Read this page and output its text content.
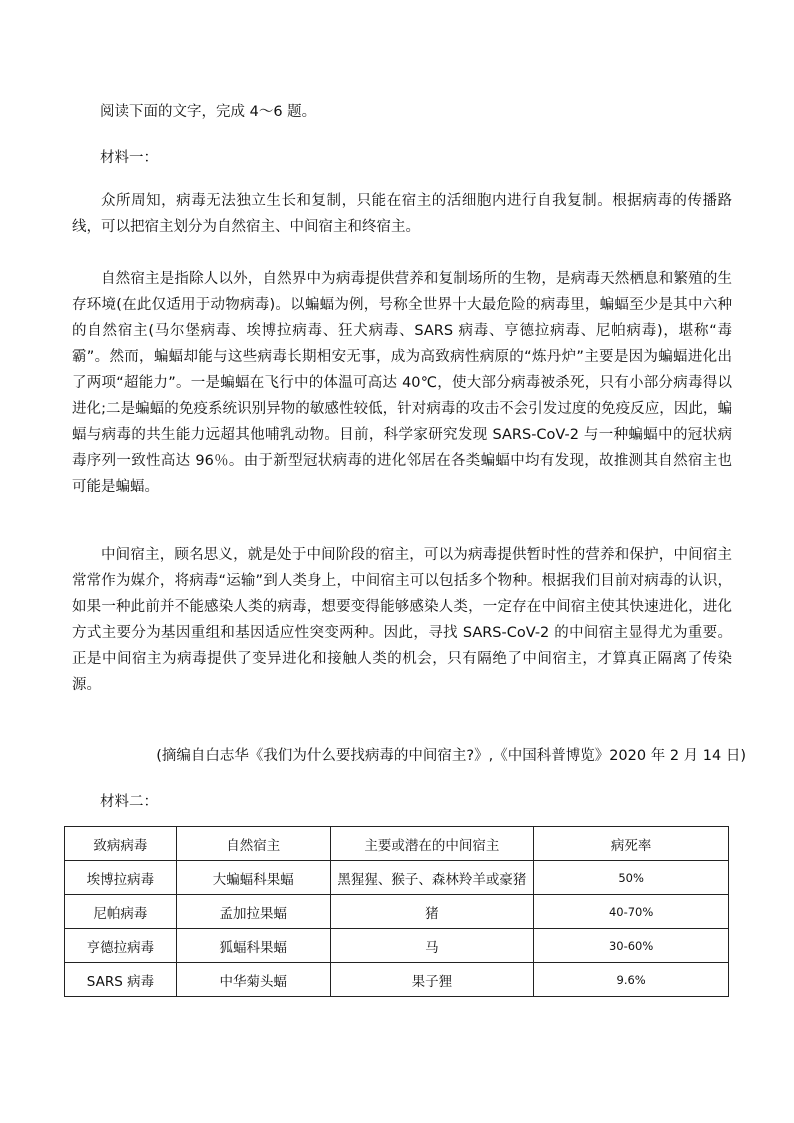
阅读下面的文字，完成 4～6 题。
材料一：
众所周知，病毒无法独立生长和复制，只能在宿主的活细胞内进行自我复制。根据病毒的传播路线，可以把宿主划分为自然宿主、中间宿主和终宿主。
自然宿主是指除人以外，自然界中为病毒提供营养和复制场所的生物，是病毒天然栖息和繁殖的生存环境(在此仅适用于动物病毒)。以蝙蝠为例，号称全世界十大最危险的病毒里，蝙蝠至少是其中六种的自然宿主(马尔堡病毒、埃博拉病毒、狂犬病毒、SARS 病毒、亨德拉病毒、尼帕病毒)，堪称“毒霸”。然而，蝙蝠却能与这些病毒长期相安无事，成为高致病性病原的“炼丹炉”主要是因为蝙蝠进化出了两项“超能力”。一是蝙蝠在飞行中的体温可高达 40℃，使大部分病毒被杀死，只有小部分病毒得以进化;二是蝙蝠的免疫系统识别异物的敏感性较低，针对病毒的攻击不会引发过度的免疫反应，因此，蝙蝠与病毒的共生能力远超其他哺乳动物。目前，科学家研究发现 SARS-CoV-2 与一种蝙蝠中的冠状病毒序列一致性高达 96％。由于新型冠状病毒的进化邻居在各类蝙蝠中均有发现，故推测其自然宿主也可能是蝙蝠。
中间宿主，顾名思义，就是处于中间阶段的宿主，可以为病毒提供暂时性的营养和保护，中间宿主常常作为媒介，将病毒“运输”到人类身上，中间宿主可以包括多个物种。根据我们目前对病毒的认识，如果一种此前并不能感染人类的病毒，想要变得能够感染人类，一定存在中间宿主使其快速进化，进化方式主要分为基因重组和基因适应性突变两种。因此，寻找 SARS-CoV-2 的中间宿主显得尤为重要。正是中间宿主为病毒提供了变异进化和接触人类的机会，只有隔绝了中间宿主，才算真正隔离了传染源。
(摘编自白志华《我们为什么要找病毒的中间宿主?》,《中国科普博览》2020 年 2 月 14 日)
材料二：
致病病毒	自然宿主	主要或潜在的中间宿主	病死率
埃博拉病毒	大蝙蝠科果蝠	黑猩猩、猴子、森林羚羊或豪猪	50%
尼帕病毒	孟加拉果蝠	猪	40-70%
亨德拉病毒	狐蝠科果蝠	马	30-60%
SARS 病毒	中华菊头蝠	果子狸	9.6%
